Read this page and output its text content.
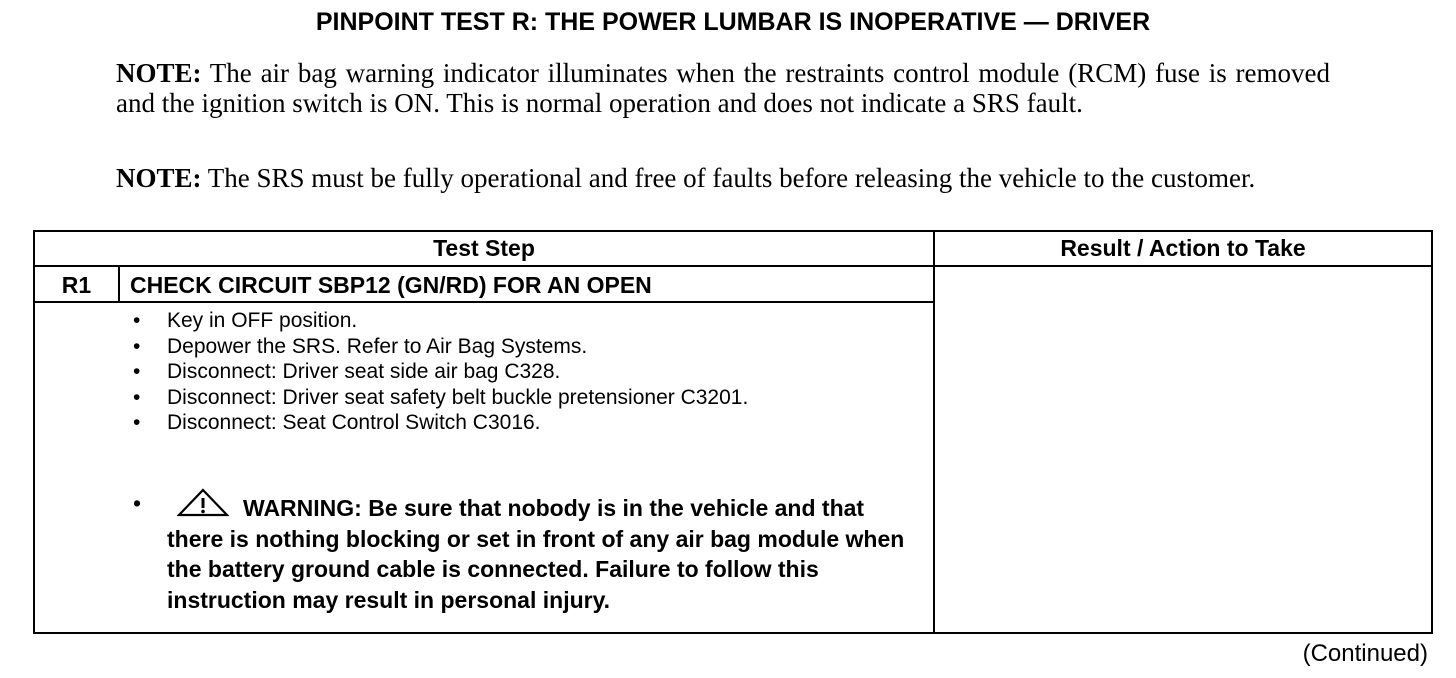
PINPOINT TEST R: THE POWER LUMBAR IS INOPERATIVE — DRIVER

NOTE: The air bag warning indicator illuminates when the restraints control module (RCM) fuse is removed and the ignition switch is ON. This is normal operation and does not indicate a SRS fault.

NOTE: The SRS must be fully operational and free of faults before releasing the vehicle to the customer.

Test Step	Result / Action to Take
R1	CHECK CIRCUIT SBP12 (GN/RD) FOR AN OPEN
• Key in OFF position.
• Depower the SRS. Refer to Air Bag Systems.
• Disconnect: Driver seat side air bag C328.
• Disconnect: Driver seat safety belt buckle pretensioner C3201.
• Disconnect: Seat Control Switch C3016.
•	WARNING: Be sure that nobody is in the vehicle and that there is nothing blocking or set in front of any air bag module when the battery ground cable is connected. Failure to follow this instruction may result in personal injury.
(Continued)
